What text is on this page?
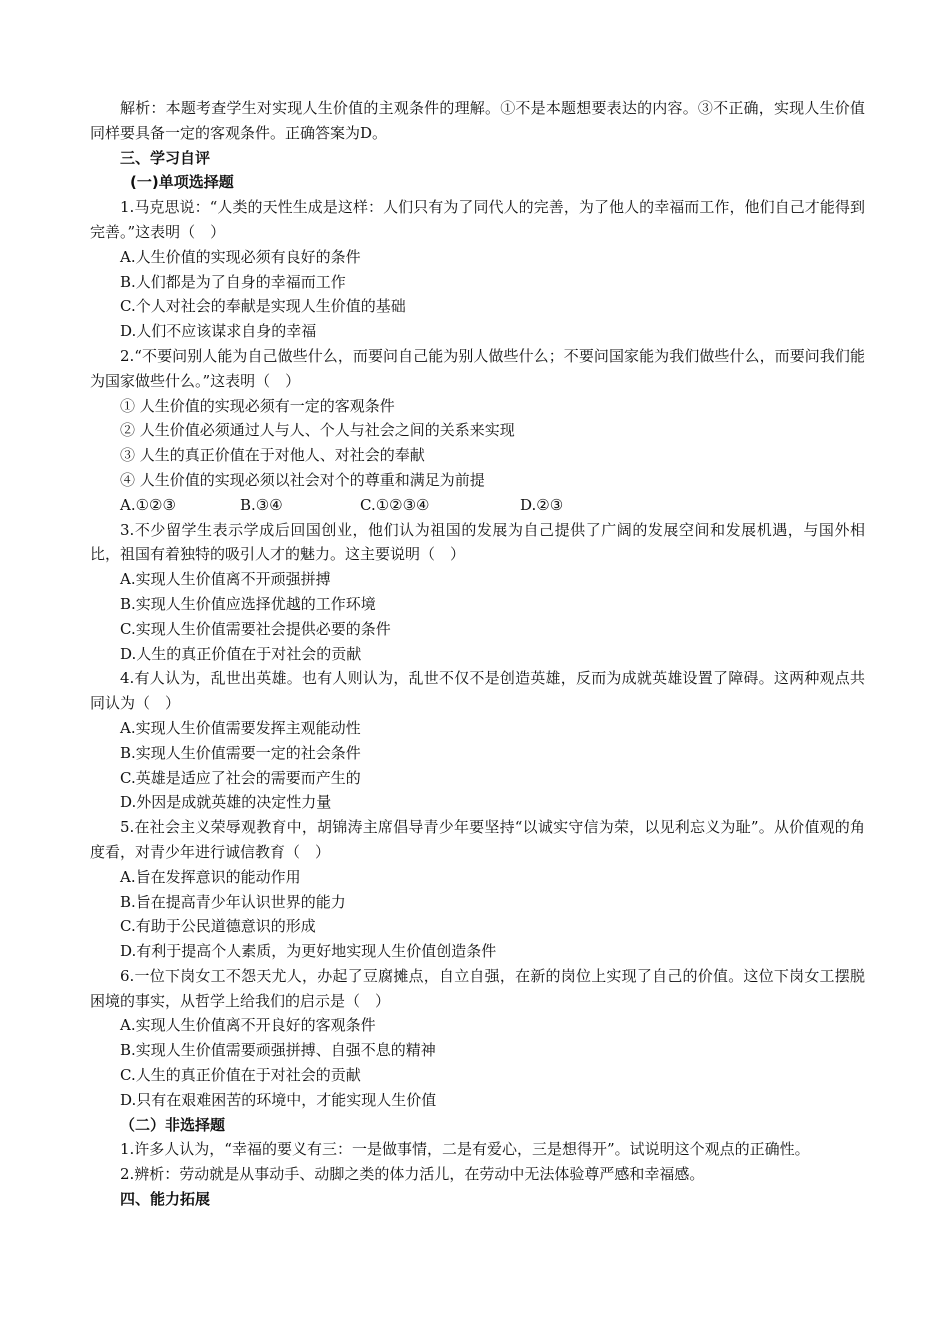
解析：本题考查学生对实现人生价值的主观条件的理解。①不是本题想要表达的内容。③不正确，实现人生价值同样要具备一定的客观条件。正确答案为D。

三、学习自评

(一)单项选择题

1.马克思说：“人类的天性生成是这样：人们只有为了同代人的完善，为了他人的幸福而工作，他们自己才能得到完善。”这表明（　）

A.人生价值的实现必须有良好的条件

B.人们都是为了自身的幸福而工作

C.个人对社会的奉献是实现人生价值的基础

D.人们不应该谋求自身的幸福

2.“不要问别人能为自己做些什么，而要问自己能为别人做些什么；不要问国家能为我们做些什么，而要问我们能为国家做些什么。”这表明（　）

① 人生价值的实现必须有一定的客观条件

② 人生价值必须通过人与人、个人与社会之间的关系来实现

③ 人生的真正价值在于对他人、对社会的奉献

④ 人生价值的实现必须以社会对个的尊重和满足为前提

A.①②③	B.③④	C.①②③④	D.②③

3.不少留学生表示学成后回国创业，他们认为祖国的发展为自己提供了广阔的发展空间和发展机遇，与国外相比，祖国有着独特的吸引人才的魅力。这主要说明（　）

A.实现人生价值离不开顽强拼搏

B.实现人生价值应选择优越的工作环境

C.实现人生价值需要社会提供必要的条件

D.人生的真正价值在于对社会的贡献

4.有人认为，乱世出英雄。也有人则认为，乱世不仅不是创造英雄，反而为成就英雄设置了障碍。这两种观点共同认为（　）

A.实现人生价值需要发挥主观能动性

B.实现人生价值需要一定的社会条件

C.英雄是适应了社会的需要而产生的

D.外因是成就英雄的决定性力量

5.在社会主义荣辱观教育中，胡锦涛主席倡导青少年要坚持“以诚实守信为荣，以见利忘义为耻”。从价值观的角度看，对青少年进行诚信教育（　）

A.旨在发挥意识的能动作用

B.旨在提高青少年认识世界的能力

C.有助于公民道德意识的形成

D.有利于提高个人素质，为更好地实现人生价值创造条件

6.一位下岗女工不怨天尤人，办起了豆腐摊点，自立自强，在新的岗位上实现了自己的价值。这位下岗女工摆脱困境的事实，从哲学上给我们的启示是（　）

A.实现人生价值离不开良好的客观条件

B.实现人生价值需要顽强拼搏、自强不息的精神

C.人生的真正价值在于对社会的贡献

D.只有在艰难困苦的环境中，才能实现人生价值

（二）非选择题

1.许多人认为，“幸福的要义有三：一是做事情，二是有爱心，三是想得开”。试说明这个观点的正确性。

2.辨析：劳动就是从事动手、动脚之类的体力活儿，在劳动中无法体验尊严感和幸福感。

四、能力拓展
